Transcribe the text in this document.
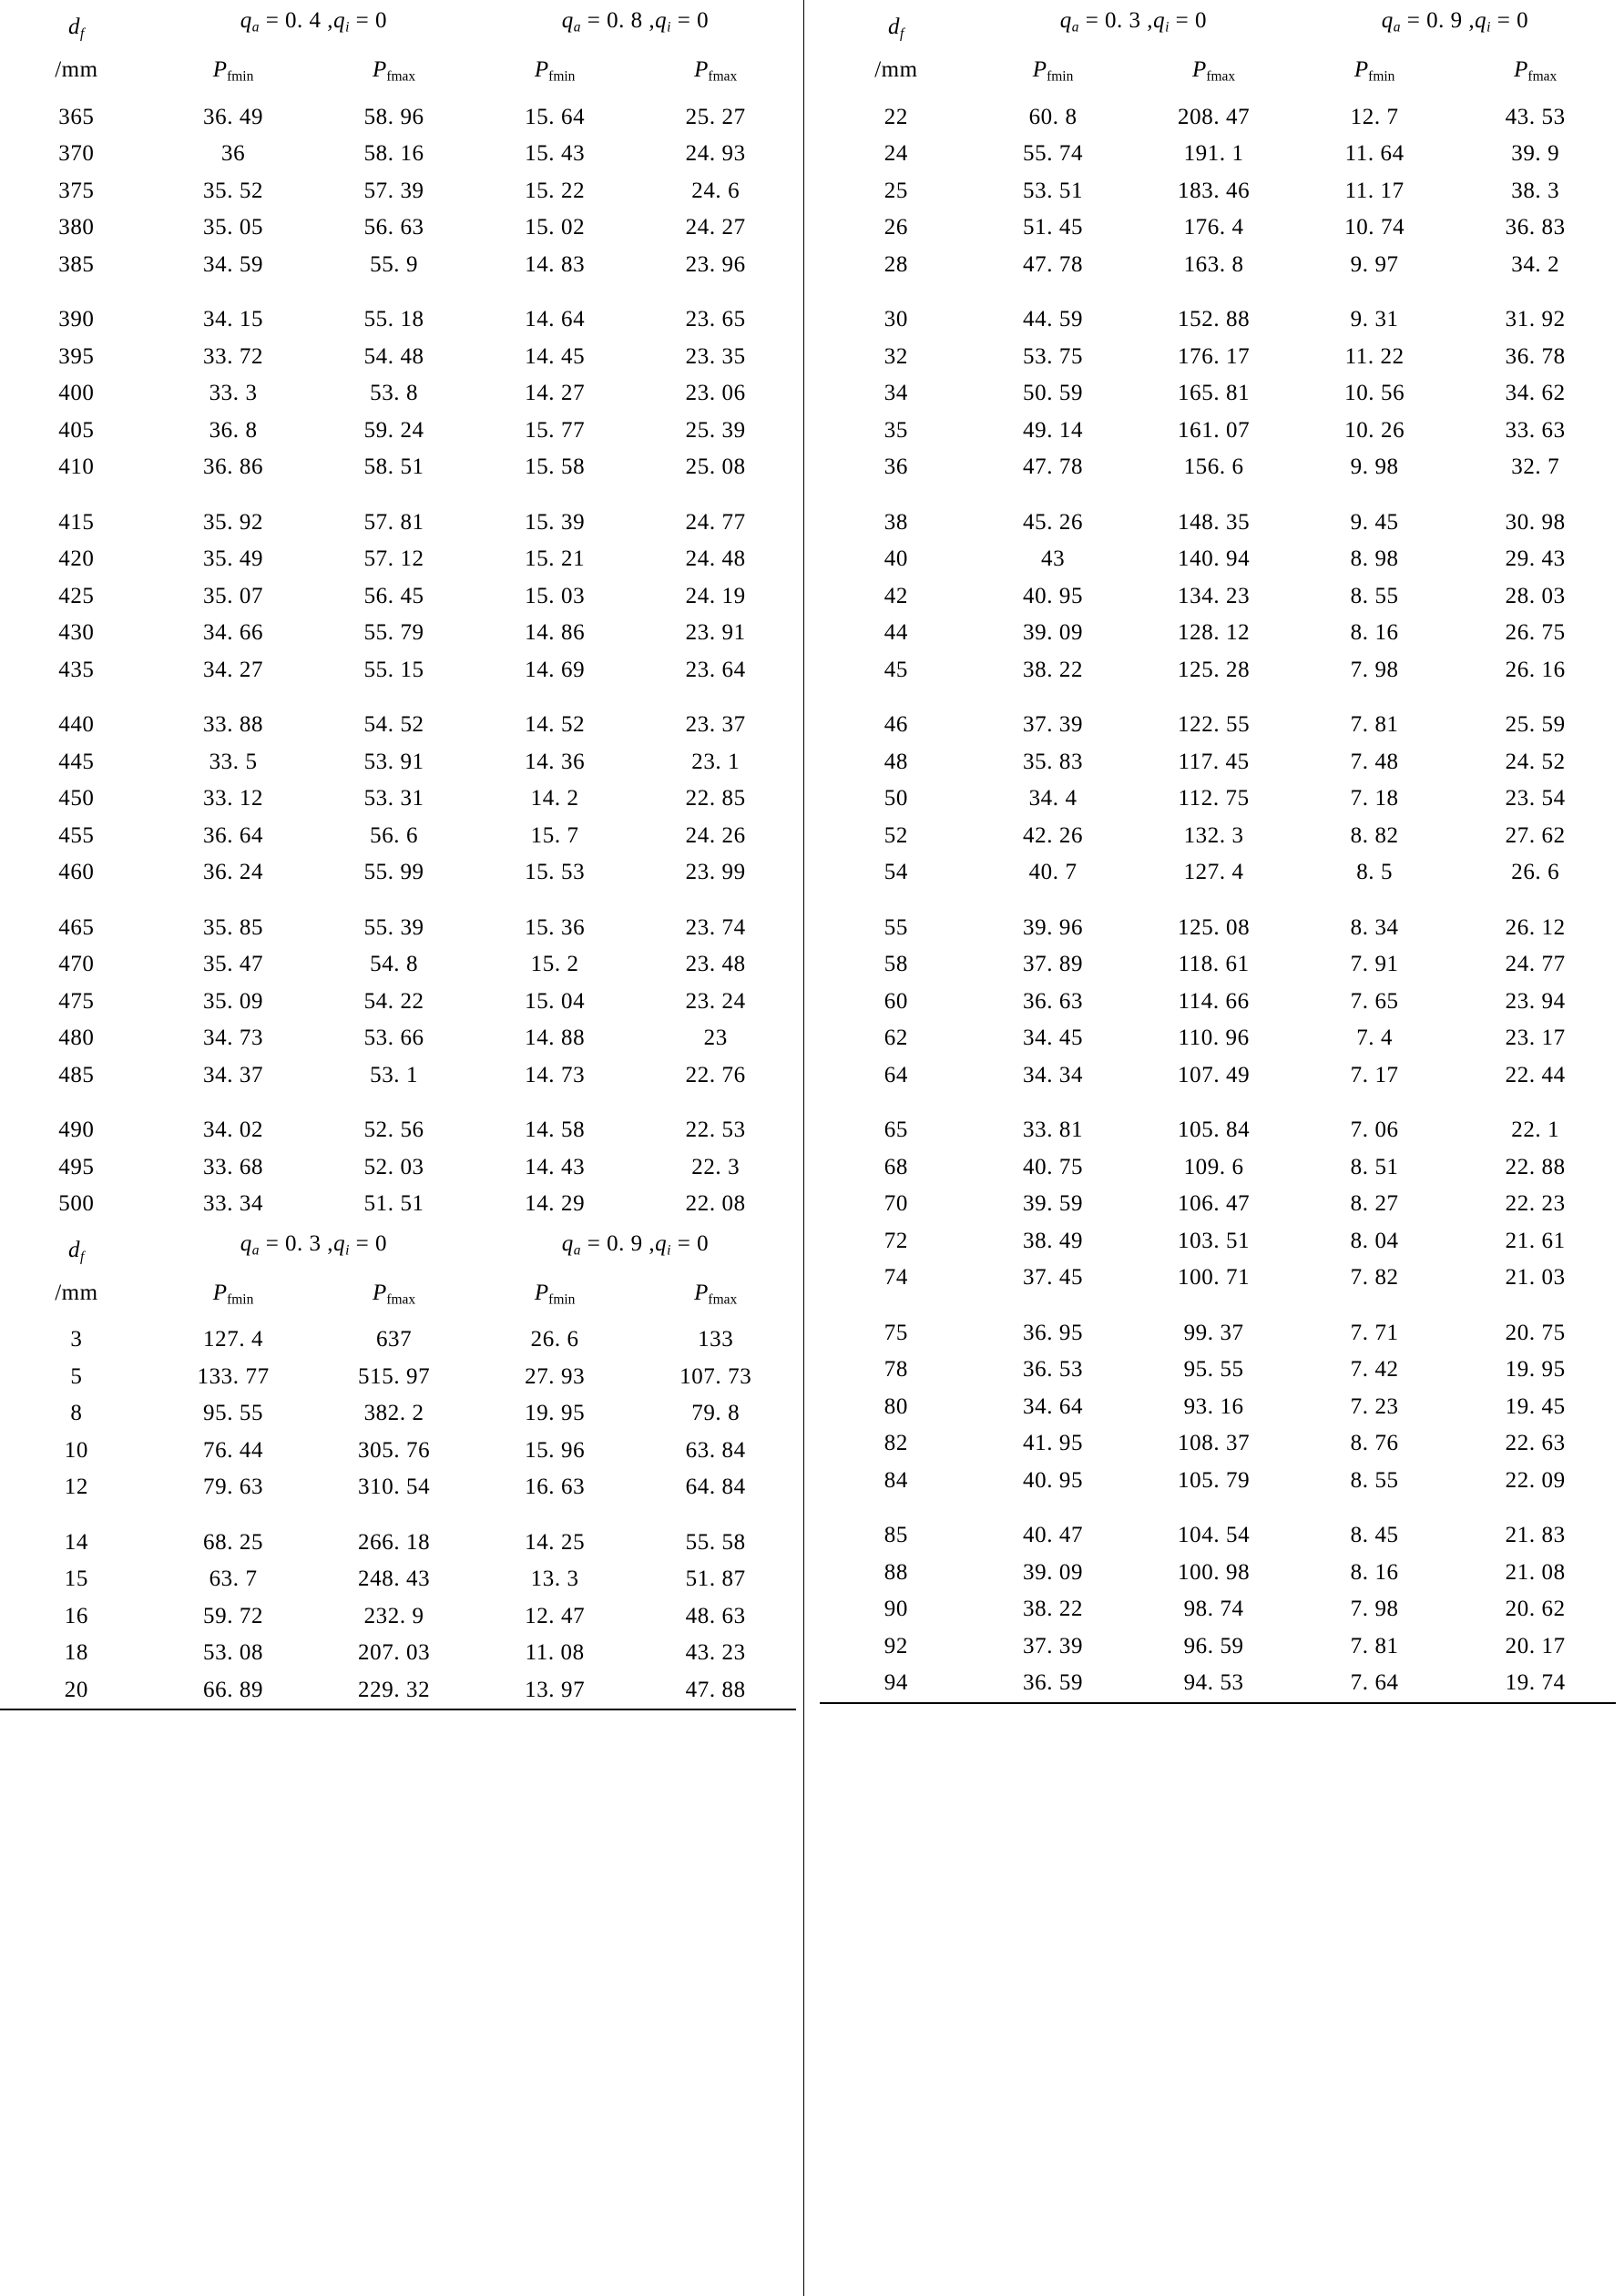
$d_f$
/mm	$q_a = 0$. 4 $,q_i = 0$		$q_a = 0$. 8 $,q_i = 0$	
	$P_{fmin}$	$P_{fmax}$	$P_{fmin}$	$P_{fmax}$
365	36. 49	58. 96	15. 64	25. 27
370	36	58. 16	15. 43	24. 93
375	35. 52	57. 39	15. 22	24. 6
380	35. 05	56. 63	15. 02	24. 27
385	34. 59	55. 9	14. 83	23. 96

390	34. 15	55. 18	14. 64	23. 65
395	33. 72	54. 48	14. 45	23. 35
400	33. 3	53. 8	14. 27	23. 06
405	36. 8	59. 24	15. 77	25. 39
410	36. 86	58. 51	15. 58	25. 08

415	35. 92	57. 81	15. 39	24. 77
420	35. 49	57. 12	15. 21	24. 48
425	35. 07	56. 45	15. 03	24. 19
430	34. 66	55. 79	14. 86	23. 91
435	34. 27	55. 15	14. 69	23. 64

440	33. 88	54. 52	14. 52	23. 37
445	33. 5	53. 91	14. 36	23. 1
450	33. 12	53. 31	14. 2	22. 85
455	36. 64	56. 6	15. 7	24. 26
460	36. 24	55. 99	15. 53	23. 99

465	35. 85	55. 39	15. 36	23. 74
470	35. 47	54. 8	15. 2	23. 48
475	35. 09	54. 22	15. 04	23. 24
480	34. 73	53. 66	14. 88	23
485	34. 37	53. 1	14. 73	22. 76

490	34. 02	52. 56	14. 58	22. 53
495	33. 68	52. 03	14. 43	22. 3
500	33. 34	51. 51	14. 29	22. 08
$d_f$
/mm	$q_a = 0$. 3 $,q_i = 0$		$q_a = 0$. 9 $,q_i = 0$	
	$P_{fmin}$	$P_{fmax}$	$P_{fmin}$	$P_{fmax}$
3	127. 4	637	26. 6	133
5	133. 77	515. 97	27. 93	107. 73
8	95. 55	382. 2	19. 95	79. 8
10	76. 44	305. 76	15. 96	63. 84
12	79. 63	310. 54	16. 63	64. 84

14	68. 25	266. 18	14. 25	55. 58
15	63. 7	248. 43	13. 3	51. 87
16	59. 72	232. 9	12. 47	48. 63
18	53. 08	207. 03	11. 08	43. 23
20	66. 89	229. 32	13. 97	47. 88
$d_f$
/mm	$q_a = 0$. 3 $,q_i = 0$		$q_a = 0$. 9 $,q_i = 0$	
	$P_{fmin}$	$P_{fmax}$	$P_{fmin}$	$P_{fmax}$
22	60. 8	208. 47	12. 7	43. 53
24	55. 74	191. 1	11. 64	39. 9
25	53. 51	183. 46	11. 17	38. 3
26	51. 45	176. 4	10. 74	36. 83
28	47. 78	163. 8	9. 97	34. 2

30	44. 59	152. 88	9. 31	31. 92
32	53. 75	176. 17	11. 22	36. 78
34	50. 59	165. 81	10. 56	34. 62
35	49. 14	161. 07	10. 26	33. 63
36	47. 78	156. 6	9. 98	32. 7

38	45. 26	148. 35	9. 45	30. 98
40	43	140. 94	8. 98	29. 43
42	40. 95	134. 23	8. 55	28. 03
44	39. 09	128. 12	8. 16	26. 75
45	38. 22	125. 28	7. 98	26. 16

46	37. 39	122. 55	7. 81	25. 59
48	35. 83	117. 45	7. 48	24. 52
50	34. 4	112. 75	7. 18	23. 54
52	42. 26	132. 3	8. 82	27. 62
54	40. 7	127. 4	8. 5	26. 6

55	39. 96	125. 08	8. 34	26. 12
58	37. 89	118. 61	7. 91	24. 77
60	36. 63	114. 66	7. 65	23. 94
62	34. 45	110. 96	7. 4	23. 17
64	34. 34	107. 49	7. 17	22. 44

65	33. 81	105. 84	7. 06	22. 1
68	40. 75	109. 6	8. 51	22. 88
70	39. 59	106. 47	8. 27	22. 23
72	38. 49	103. 51	8. 04	21. 61
74	37. 45	100. 71	7. 82	21. 03

75	36. 95	99. 37	7. 71	20. 75
78	36. 53	95. 55	7. 42	19. 95
80	34. 64	93. 16	7. 23	19. 45
82	41. 95	108. 37	8. 76	22. 63
84	40. 95	105. 79	8. 55	22. 09

85	40. 47	104. 54	8. 45	21. 83
88	39. 09	100. 98	8. 16	21. 08
90	38. 22	98. 74	7. 98	20. 62
92	37. 39	96. 59	7. 81	20. 17
94	36. 59	94. 53	7. 64	19. 74
